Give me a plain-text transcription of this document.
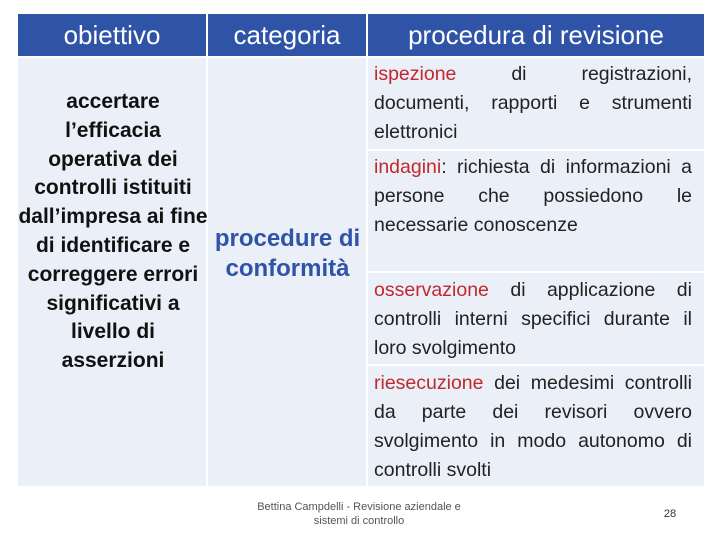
obiettivo	categoria	procedura di revisione
accertare l’efficacia operativa dei controlli istituiti dall’impresa ai fine di identificare e correggere errori significativi a livello di asserzioni
procedure di conformità
ispezione di registrazioni, documenti, rapporti e strumenti elettronici
indagini: richiesta di informazioni a persone che possiedono le necessarie conoscenze
osservazione di applicazione di controlli interni specifici durante il loro svolgimento
riesecuzione dei medesimi controlli da parte dei revisori ovvero svolgimento in modo autonomo di controlli svolti
Bettina Campdelli - Revisione aziendale e
sistemi di controllo
28
